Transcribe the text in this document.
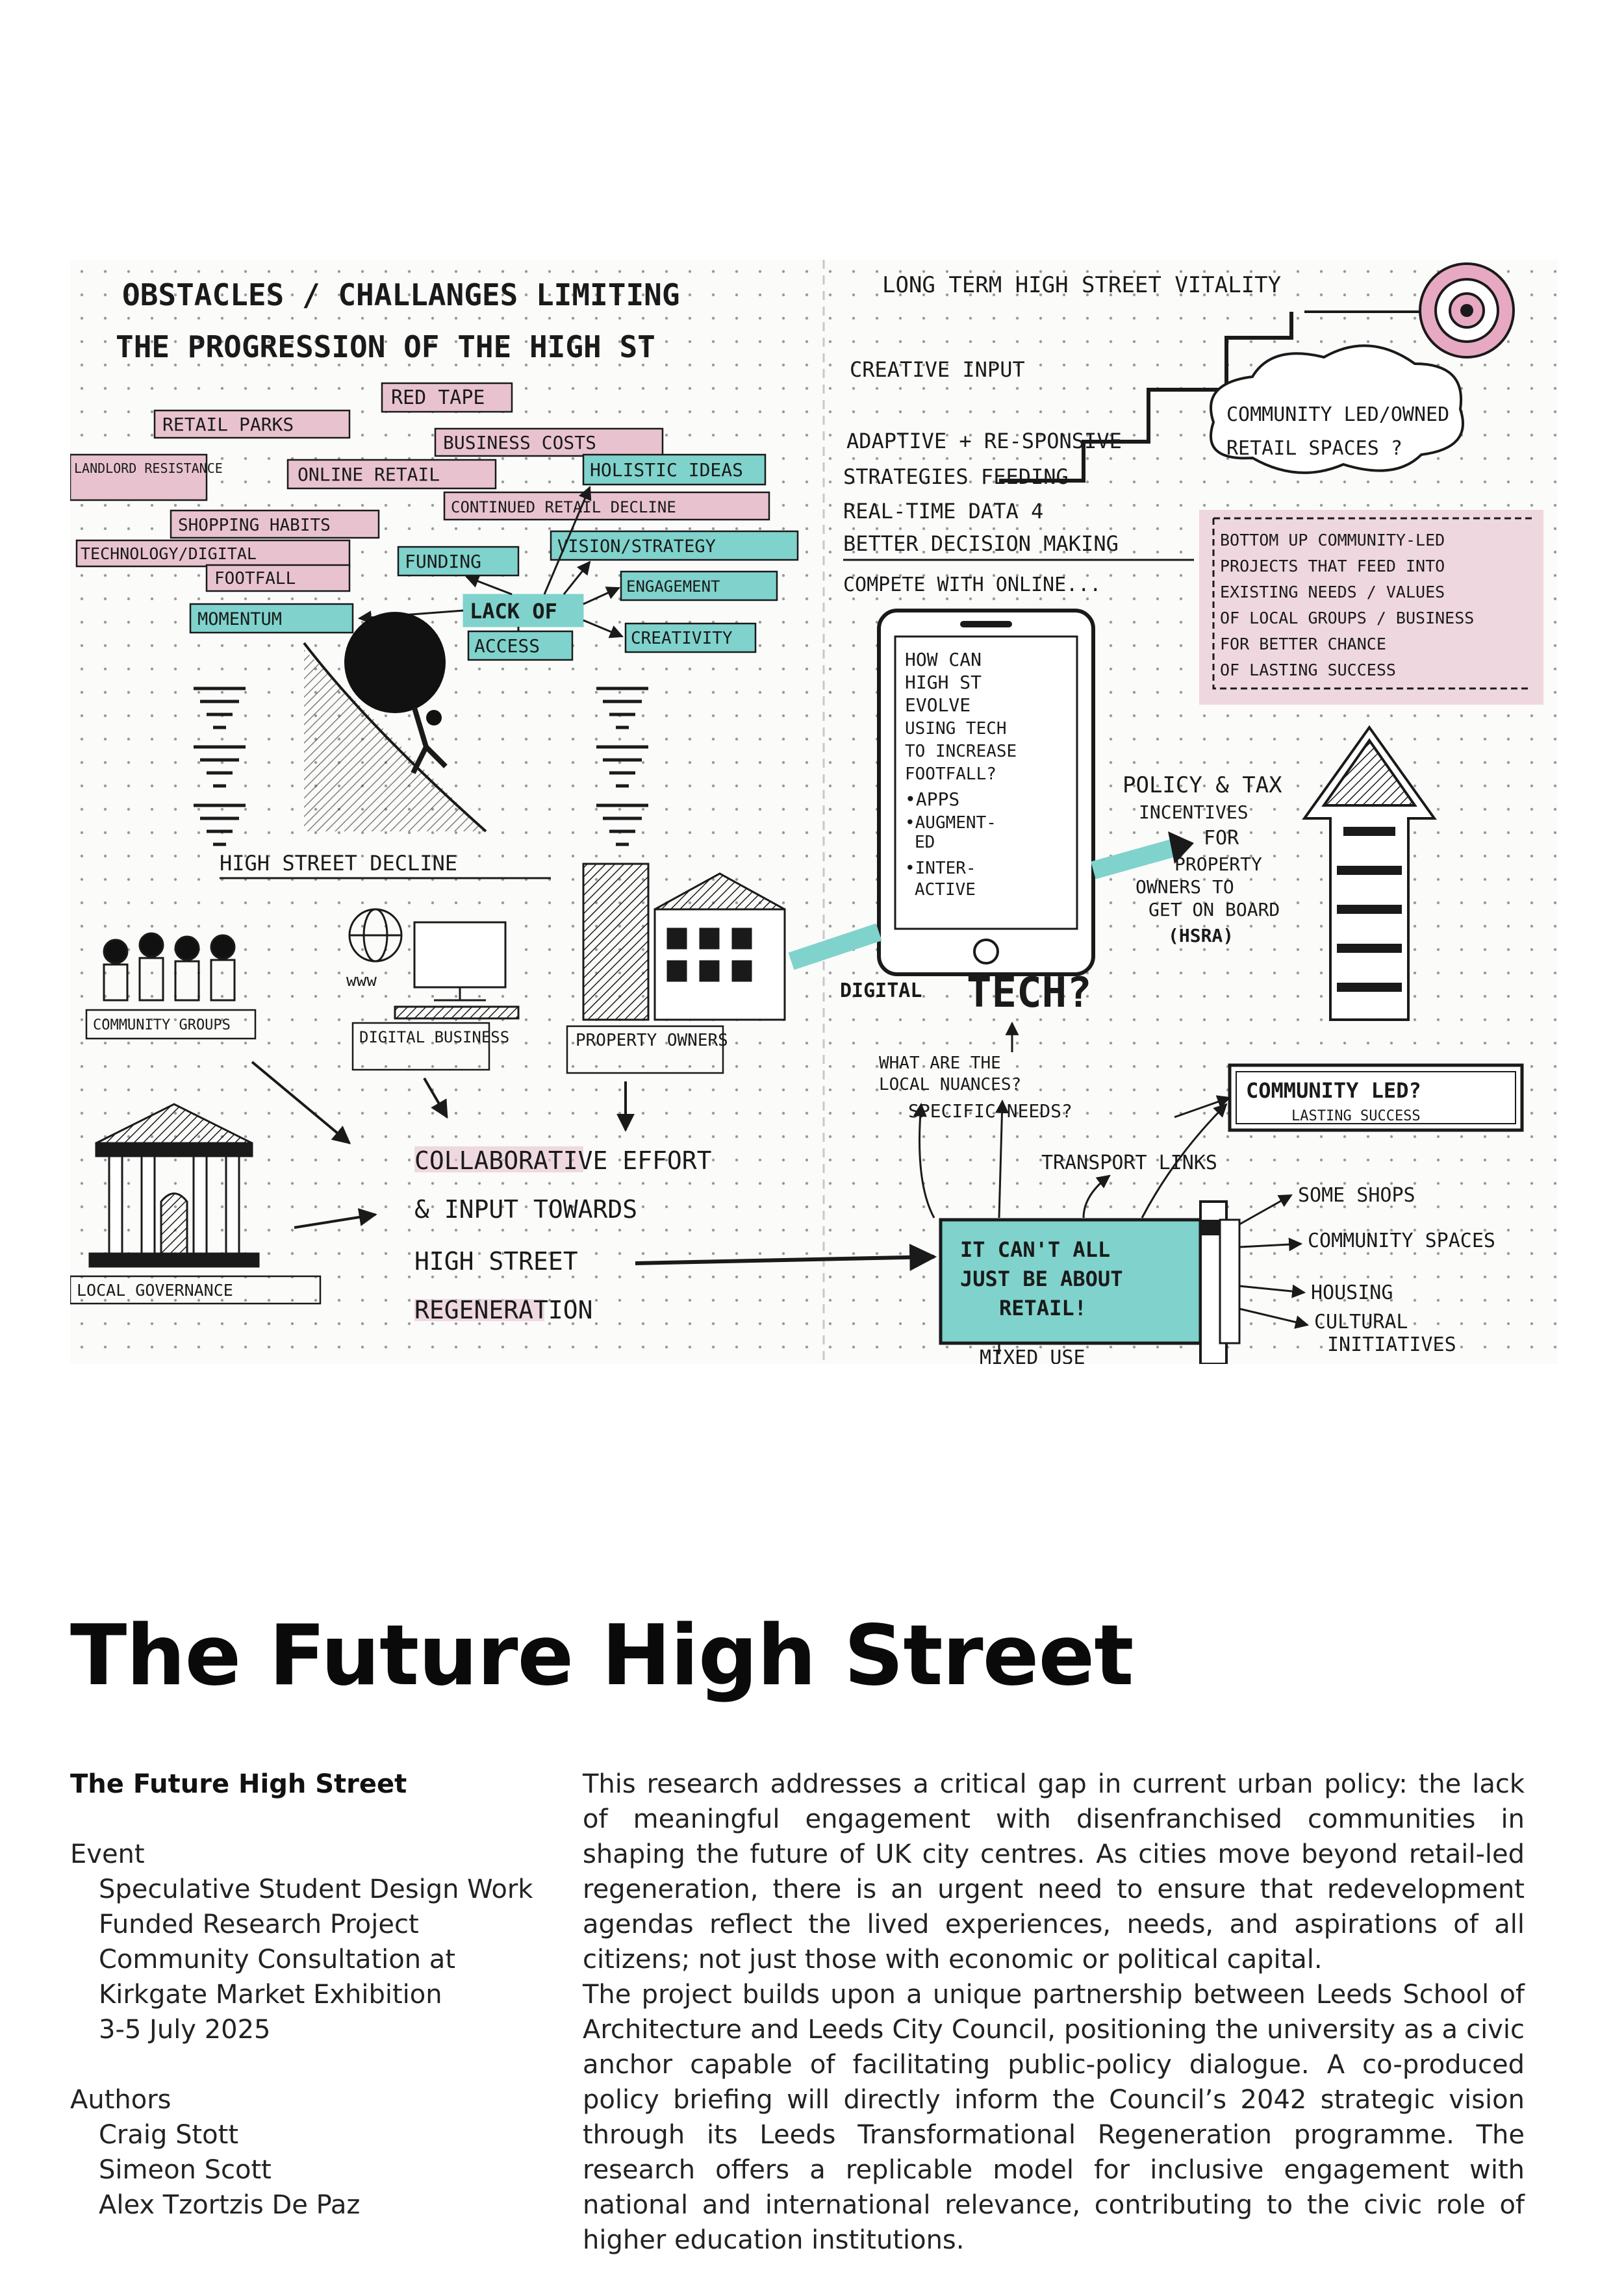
OBSTACLES / CHALLANGES LIMITING
THE PROGRESSION OF THE HIGH ST
RED TAPE
RETAIL PARKS
BUSINESS COSTS
LANDLORD RESISTANCE	ONLINE RETAIL
CONTINUED RETAIL DECLINE
SHOPPING HABITS
TECHNOLOGY/DIGITAL
FOOTFALL
HOLISTIC IDEAS
VISION/STRATEGY
FUNDING
ENGAGEMENT
MOMENTUM
ACCESS	CREATIVITY
LACK OF
HIGH STREET DECLINE
COMMUNITY GROUPS
www
DIGITAL BUSINESS	PROPERTY OWNERS
LOCAL GOVERNANCE
COLLABORATIVE EFFORT
& INPUT TOWARDS
HIGH STREET
REGENERATION
LONG TERM HIGH STREET VITALITY
CREATIVE INPUT
ADAPTIVE + RE-SPONSIVE
STRATEGIES FEEDING
REAL-TIME DATA 4
BETTER DECISION MAKING
COMPETE WITH ONLINE...
COMMUNITY LED/OWNED
RETAIL SPACES ?
BOTTOM UP COMMUNITY-LED
PROJECTS THAT FEED INTO
EXISTING NEEDS / VALUES
OF LOCAL GROUPS / BUSINESS
FOR BETTER CHANCE
OF LASTING SUCCESS
HOW CAN
HIGH ST
EVOLVE
USING TECH
TO INCREASE
FOOTFALL?
•APPS
•AUGMENT-
ED
•INTER-
ACTIVE
POLICY & TAX
INCENTIVES
FOR
PROPERTY
OWNERS TO
GET ON BOARD
(HSRA)
DIGITAL TECH?
WHAT ARE THE
LOCAL NUANCES?
SPECIFIC NEEDS?
COMMUNITY LED?
LASTING SUCCESS
TRANSPORT LINKS
IT CAN'T ALL
JUST BE ABOUT
RETAIL!
MIXED USE
SOME SHOPS
COMMUNITY SPACES
HOUSING
CULTURAL
INITIATIVES
The Future High Street
The Future High Street
Event
Speculative Student Design Work
Funded Research Project
Community Consultation at
Kirkgate Market Exhibition
3-5 July 2025
Authors
Craig Stott
Simeon Scott
Alex Tzortzis De Paz

This research addresses a critical gap in current urban policy: the lack of meaningful engagement with disenfranchised communities in shaping the future of UK city centres. As cities move beyond retail-led regeneration, there is an urgent need to ensure that redevelopment agendas reflect the lived experiences, needs, and aspirations of all citizens; not just those with economic or political capital.

The project builds upon a unique partnership between Leeds School of Architecture and Leeds City Council, positioning the university as a civic anchor capable of facilitating public-policy dialogue. A co-produced policy briefing will directly inform the Council’s 2042 strategic vision through its Leeds Transformational Regeneration programme. The research offers a replicable model for inclusive engagement with national and international relevance, contributing to the civic role of higher education institutions.
